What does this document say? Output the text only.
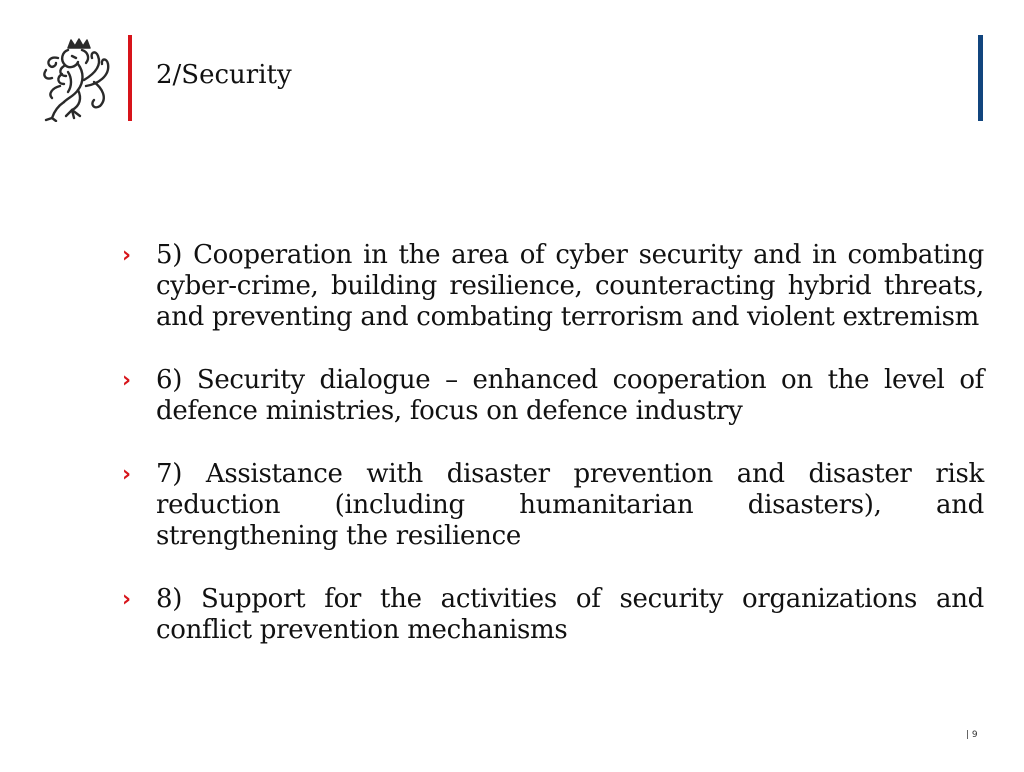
2/Security
› 5) Cooperation in the area of cyber security and in combating cyber-crime, building resilience, counteracting hybrid threats, and preventing and combating terrorism and violent extremism
› 6) Security dialogue – enhanced cooperation on the level of defence ministries, focus on defence industry
› 7) Assistance with disaster prevention and disaster risk reduction (including humanitarian disasters), and strengthening the resilience
› 8) Support for the activities of security organizations and conflict prevention mechanisms
| 9
